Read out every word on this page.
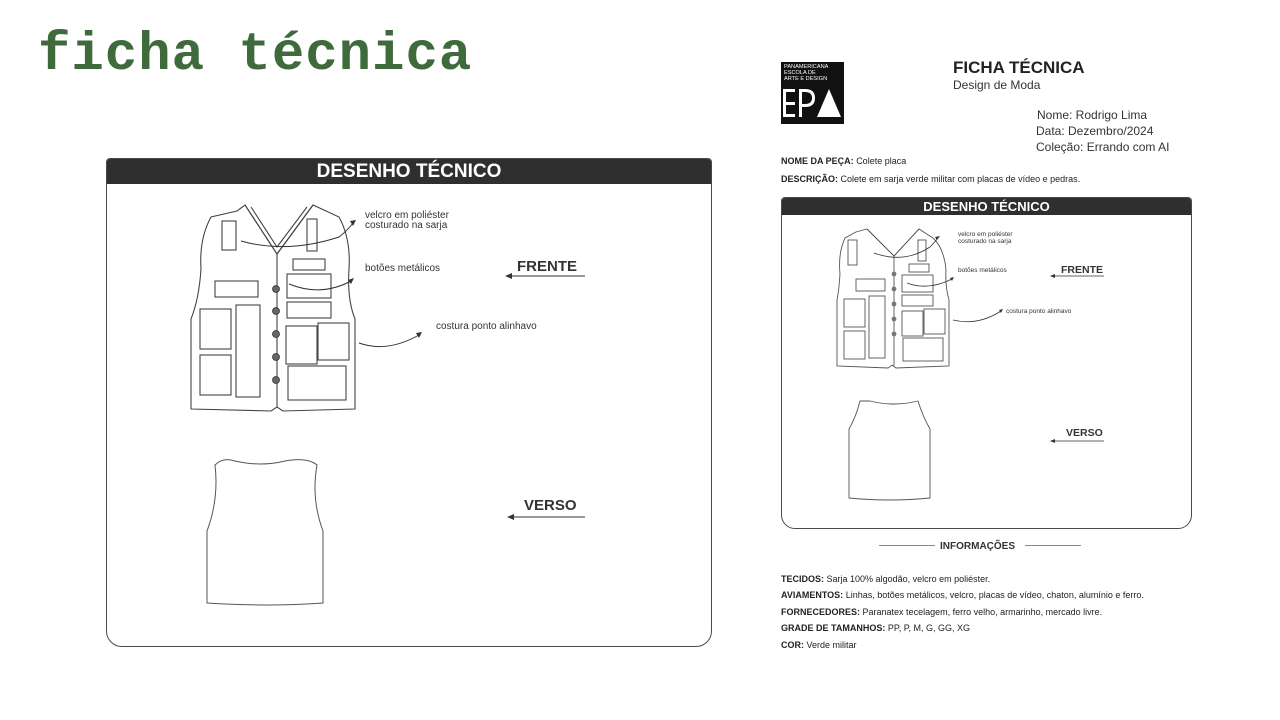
ficha técnica
DESENHO TÉCNICO
velcro em poliéster
costurado na sarja
botões metálicos
costura ponto alinhavo
FRENTE
VERSO
PANAMERICANA
ESCOLA DE
ARTE E DESIGN
FICHA TÉCNICA
Design de Moda
Nome: Rodrigo Lima
Data: Dezembro/2024
Coleção: Errando com AI
NOME DA PEÇA: Colete placa
DESCRIÇÃO: Colete em sarja verde militar com placas de vídeo e pedras.
DESENHO TÉCNICO
velcro em poliéster
costurado na sarja
botões metálicos
costura ponto alinhavo
FRENTE
VERSO
INFORMAÇÕES
TECIDOS: Sarja 100% algodão, velcro em poliéster.
AVIAMENTOS: Linhas, botões metálicos, velcro, placas de vídeo, chaton, alumínio e ferro.
FORNECEDORES: Paranatex tecelagem, ferro velho, armarinho, mercado livre.
GRADE DE TAMANHOS: PP, P, M, G, GG, XG
COR: Verde militar
